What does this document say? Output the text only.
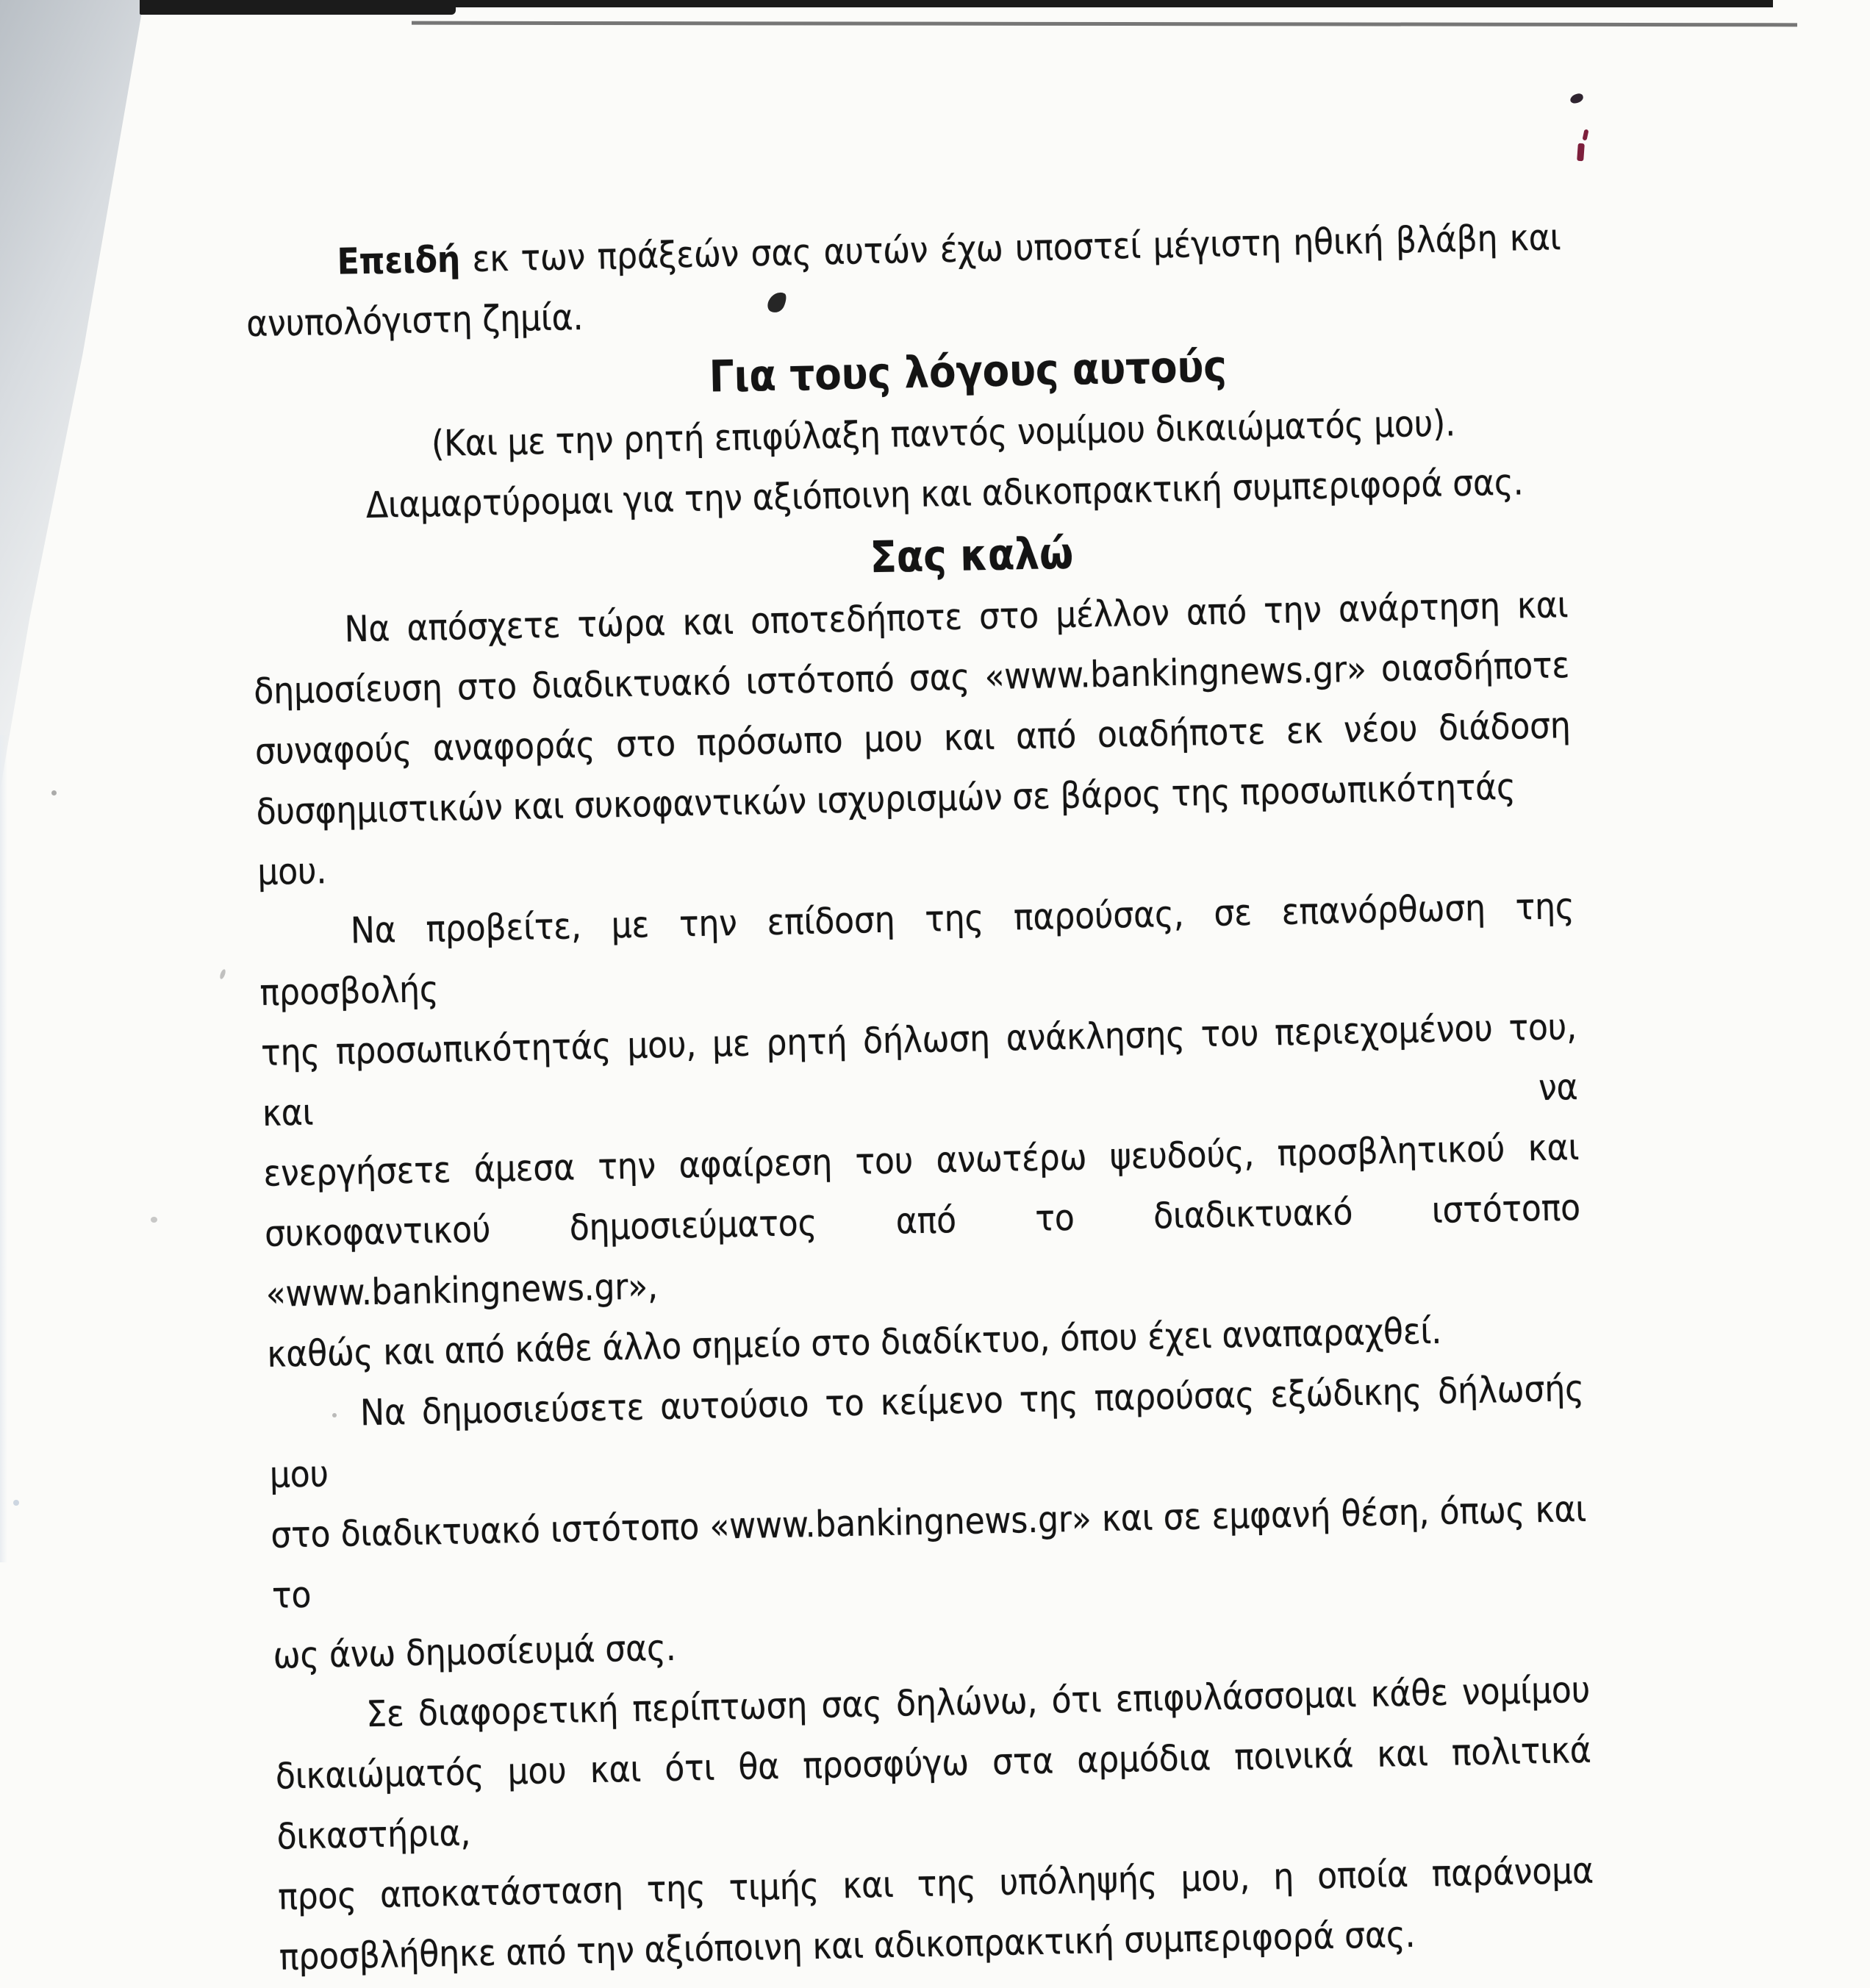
Επειδή εκ των πράξεών σας αυτών έχω υποστεί μέγιστη ηθική βλάβη και
ανυπολόγιστη ζημία.
Για τους λόγους αυτούς
(Και με την ρητή επιφύλαξη παντός νομίμου δικαιώματός μου).
Διαμαρτύρομαι για την αξιόποινη και αδικοπρακτική συμπεριφορά σας.
Σας καλώ
Να απόσχετε τώρα και οποτεδήποτε στο μέλλον από την ανάρτηση και
δημοσίευση στο διαδικτυακό ιστότοπό σας «www.bankingnews.gr» οιασδήποτε
συναφούς αναφοράς στο πρόσωπο μου και από οιαδήποτε εκ νέου διάδοση
δυσφημιστικών και συκοφαντικών ισχυρισμών σε βάρος της προσωπικότητάς μου.
Να προβείτε, με την επίδοση της παρούσας, σε επανόρθωση της προσβολής
της προσωπικότητάς μου, με ρητή δήλωση ανάκλησης του περιεχομένου του, και να
ενεργήσετε άμεσα την αφαίρεση του ανωτέρω ψευδούς, προσβλητικού και
συκοφαντικού δημοσιεύματος από το διαδικτυακό ιστότοπο «www.bankingnews.gr»,
καθώς και από κάθε άλλο σημείο στο διαδίκτυο, όπου έχει αναπαραχθεί.
Να δημοσιεύσετε αυτούσιο το κείμενο της παρούσας εξώδικης δήλωσής μου
στο διαδικτυακό ιστότοπο «www.bankingnews.gr» και σε εμφανή θέση, όπως και το
ως άνω δημοσίευμά σας.
Σε διαφορετική περίπτωση σας δηλώνω, ότι επιφυλάσσομαι κάθε νομίμου
δικαιώματός μου και ότι θα προσφύγω στα αρμόδια ποινικά και πολιτικά δικαστήρια,
προς αποκατάσταση της τιμής και της υπόληψής μου, η οποία παράνομα
προσβλήθηκε από την αξιόποινη και αδικοπρακτική συμπεριφορά σας.
